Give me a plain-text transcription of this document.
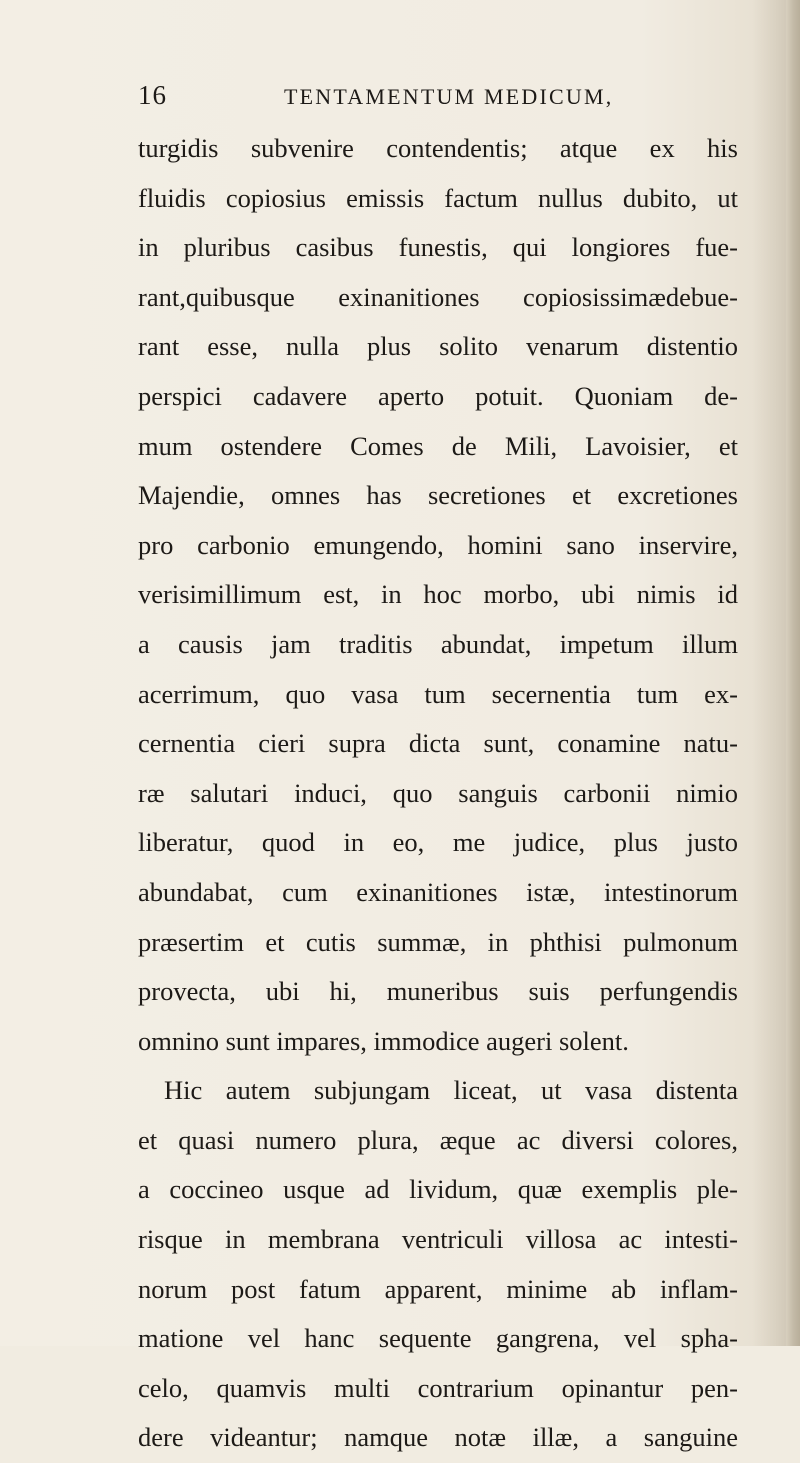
16	TENTAMENTUM MEDICUM,
turgidis subvenire contendentis; atque ex his
fluidis copiosius emissis factum nullus dubito, ut
in pluribus casibus funestis, qui longiores fue-
rant,quibusque exinanitiones copiosissimædebue-
rant esse, nulla plus solito venarum distentio
perspici cadavere aperto potuit. Quoniam de-
mum ostendere Comes de Mili, Lavoisier, et
Majendie, omnes has secretiones et excretiones
pro carbonio emungendo, homini sano inservire,
verisimillimum est, in hoc morbo, ubi nimis id
a causis jam traditis abundat, impetum illum
acerrimum, quo vasa tum secernentia tum ex-
cernentia cieri supra dicta sunt, conamine natu-
ræ salutari induci, quo sanguis carbonii nimio
liberatur, quod in eo, me judice, plus justo
abundabat, cum exinanitiones istæ, intestinorum
præsertim et cutis summæ, in phthisi pulmonum
provecta, ubi hi, muneribus suis perfungendis
omnino sunt impares, immodice augeri solent.
Hic autem subjungam liceat, ut vasa distenta
et quasi numero plura, æque ac diversi colores,
a coccineo usque ad lividum, quæ exemplis ple-
risque in membrana ventriculi villosa ac intesti-
norum post fatum apparent, minime ab inflam-
matione vel hanc sequente gangrena, vel spha-
celo, quamvis multi contrarium opinantur pen-
dere videantur; namque notæ illæ, a sanguine
